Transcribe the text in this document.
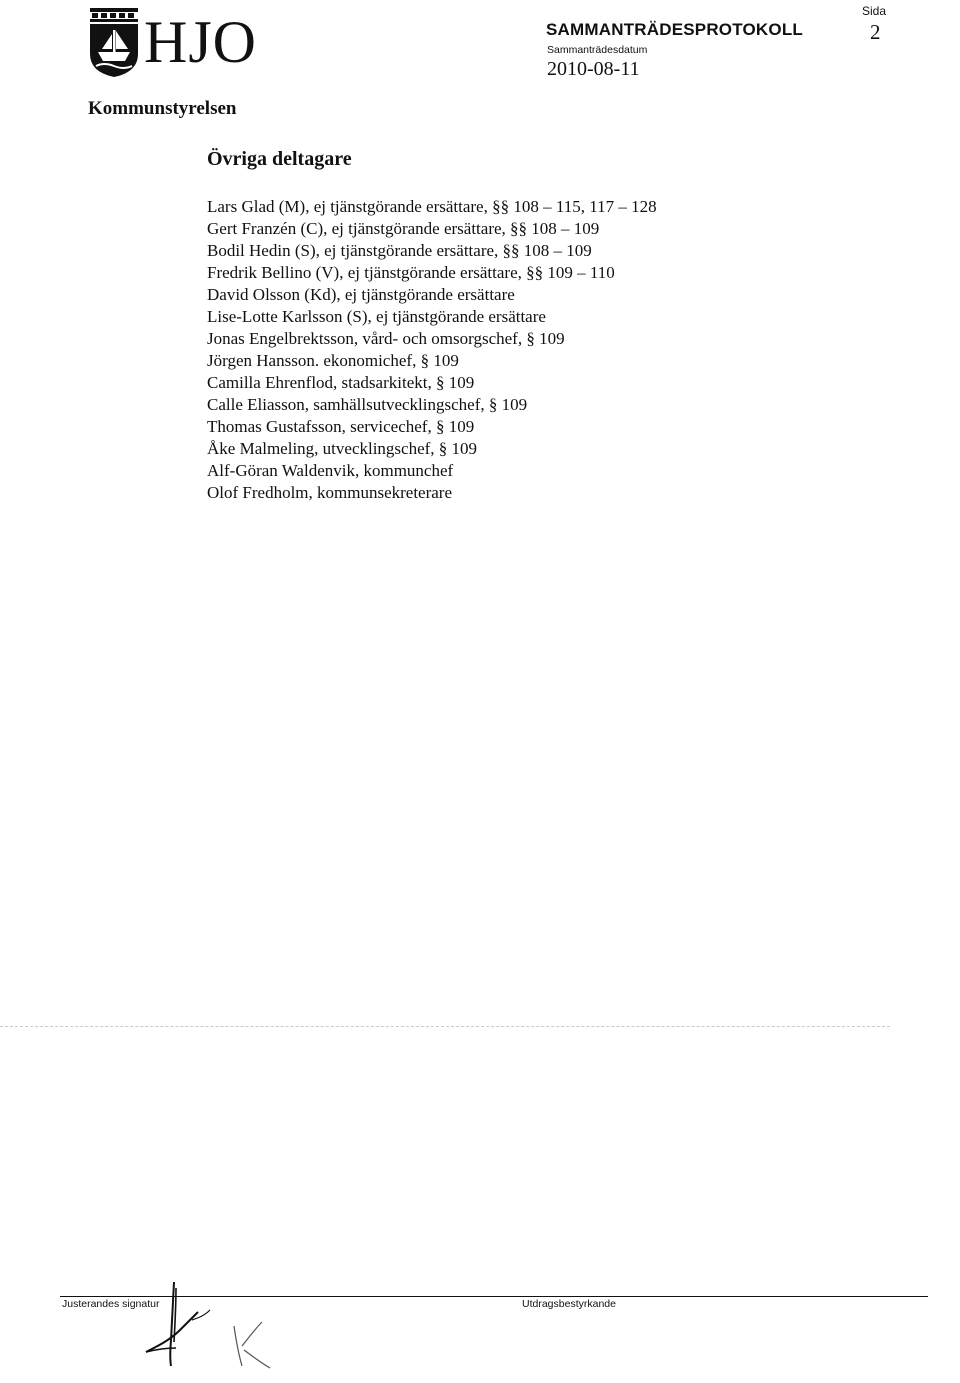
HJO	SAMMANTRÄDESPROTOKOLL
Sida
2
Sammanträdesdatum
2010-08-11
Kommunstyrelsen
Övriga deltagare
Lars Glad (M), ej tjänstgörande ersättare, §§ 108 – 115, 117 – 128
Gert Franzén (C), ej tjänstgörande ersättare, §§ 108 – 109
Bodil Hedin (S), ej tjänstgörande ersättare, §§ 108 – 109
Fredrik Bellino (V), ej tjänstgörande ersättare, §§ 109 – 110
David Olsson (Kd), ej tjänstgörande ersättare
Lise-Lotte Karlsson (S), ej tjänstgörande ersättare
Jonas Engelbrektsson, vård- och omsorgschef, § 109
Jörgen Hansson. ekonomichef, § 109
Camilla Ehrenflod, stadsarkitekt, § 109
Calle Eliasson, samhällsutvecklingschef, § 109
Thomas Gustafsson, servicechef, § 109
Åke Malmeling, utvecklingschef, § 109
Alf-Göran Waldenvik, kommunchef
Olof Fredholm, kommunsekreterare
Justerandes signatur	Utdragsbestyrkande
